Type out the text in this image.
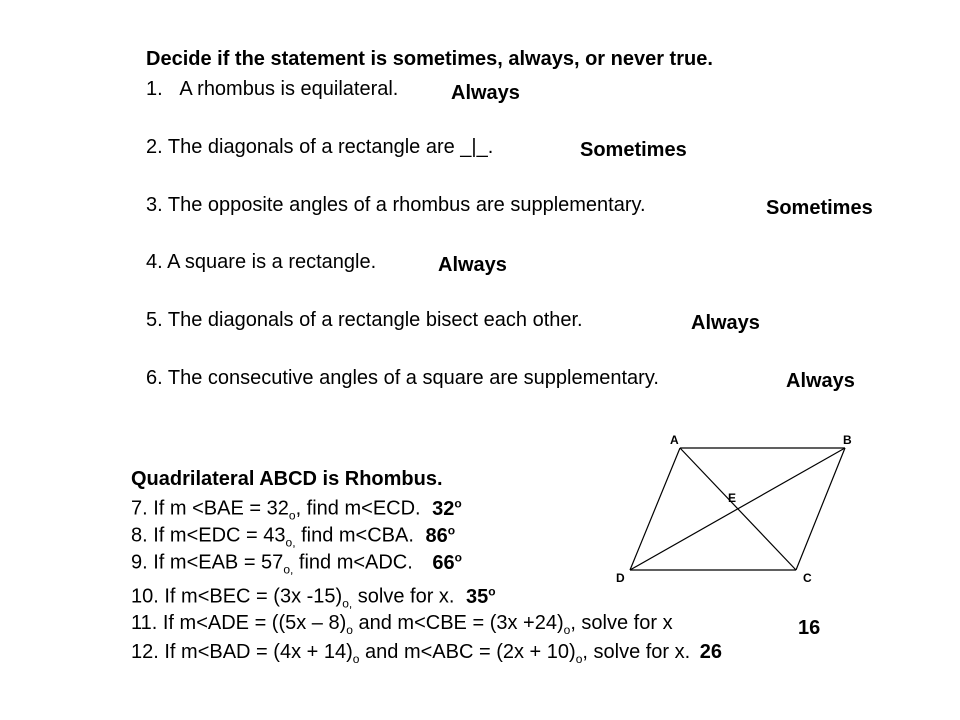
Decide if the statement is sometimes, always, or never true.
1. A rhombus is equilateral.	Always
2. The diagonals of a rectangle are _|_.	Sometimes
3. The opposite angles of a rhombus are supplementary.	Sometimes
4. A square is a rectangle.	Always
5. The diagonals of a rectangle bisect each other.	Always
6. The consecutive angles of a square are supplementary.	Always
A	B
E
D	C
Quadrilateral ABCD is Rhombus.
7. If $m <BAE = 32_o$, find m<ECD. 32$^o$
8. If $m<EDC = 43_{o,}$ find m<CBA. 86$^o$
9. If $m<EAB = 57_{o,}$ find m<ADC. 66$^o$
10. If m<BEC = (3x $-15)_{o,}$ solve for x. 35$^o$
11. If $m<ADE = ((5x - 8)_o$ and $m<CBE = (3x +24)_o$, solve for x	16
12. If $m<BAD = (4x + 14)_o$ and $m<ABC = (2x + 10)_o$, solve for x. 26
